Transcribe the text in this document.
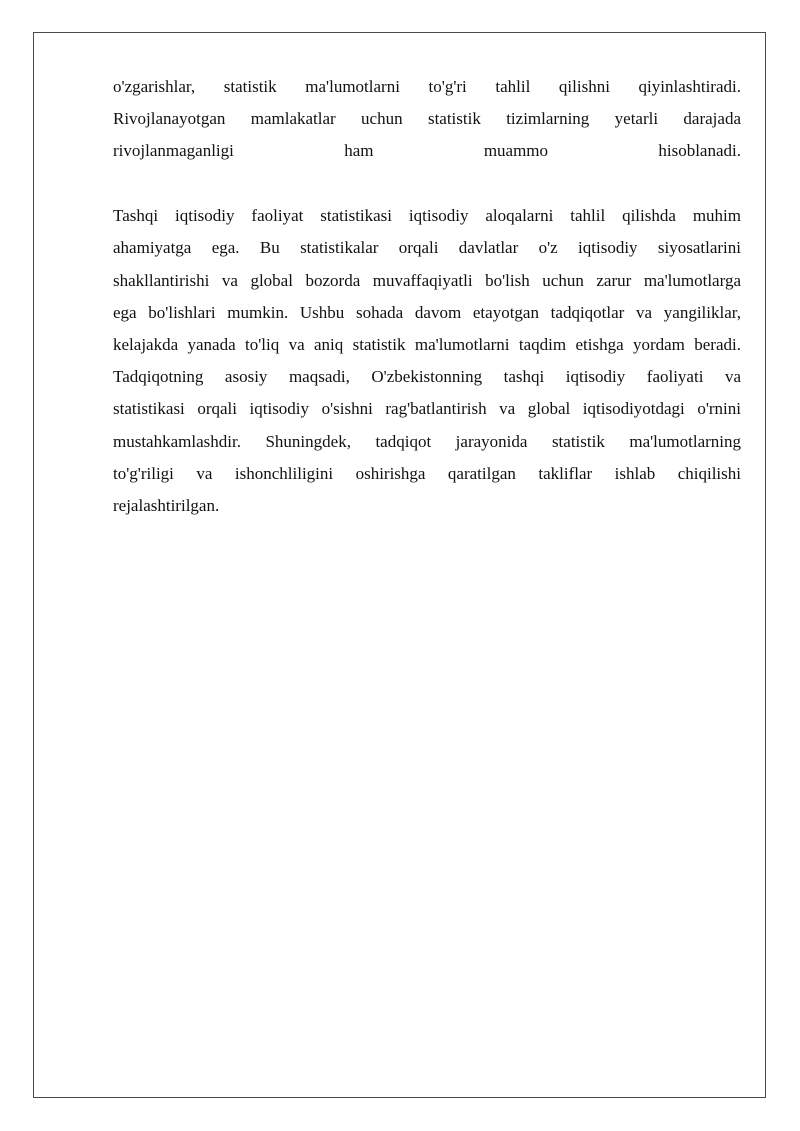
o'zgarishlar, statistik ma'lumotlarni to'g'ri tahlil qilishni qiyinlashtiradi.
Rivojlanayotgan mamlakatlar uchun statistik tizimlarning yetarli darajada
rivojlanmaganligi ham muammo hisoblanadi.
Tashqi iqtisodiy faoliyat statistikasi iqtisodiy aloqalarni tahlil qilishda muhim
ahamiyatga ega. Bu statistikalar orqali davlatlar o'z iqtisodiy siyosatlarini
shakllantirishi va global bozorda muvaffaqiyatli bo'lish uchun zarur ma'lumotlarga
ega bo'lishlari mumkin. Ushbu sohada davom etayotgan tadqiqotlar va yangiliklar,
kelajakda yanada to'liq va aniq statistik ma'lumotlarni taqdim etishga yordam beradi.
Tadqiqotning asosiy maqsadi, O'zbekistonning tashqi iqtisodiy faoliyati va
statistikasi orqali iqtisodiy o'sishni rag'batlantirish va global iqtisodiyotdagi o'rnini
mustahkamlashdir. Shuningdek, tadqiqot jarayonida statistik ma'lumotlarning
to'g'riligi va ishonchliligini oshirishga qaratilgan takliflar ishlab chiqilishi
rejalashtirilgan.
